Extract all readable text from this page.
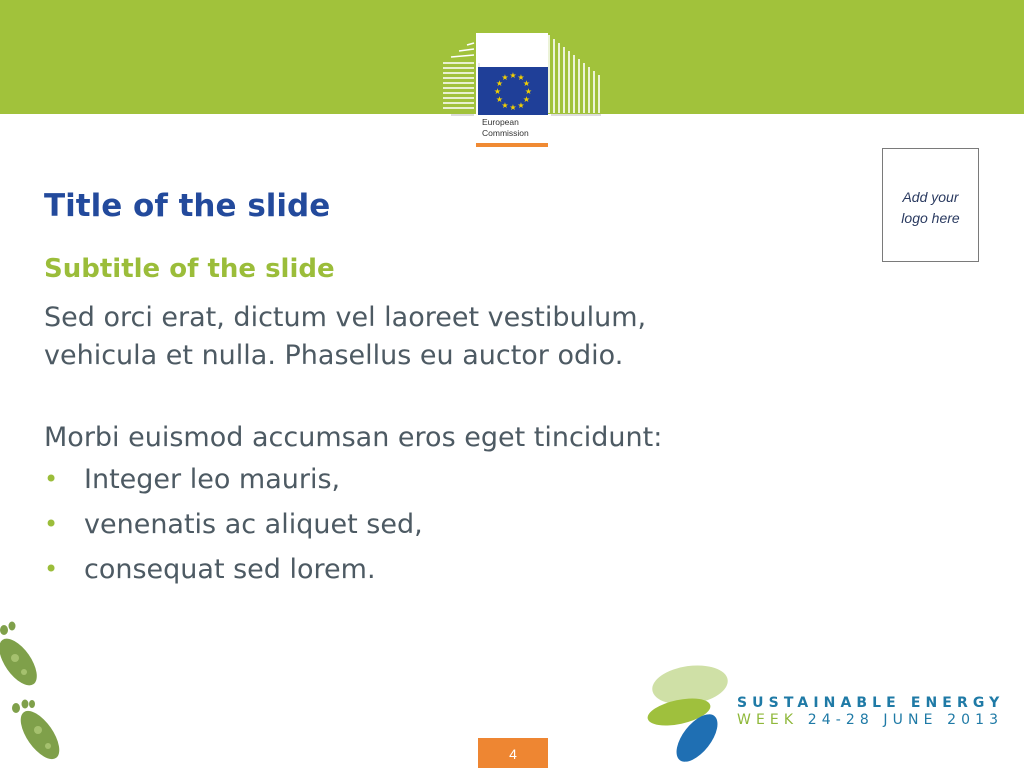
★ ★
★
★
★
★
★
★
★
★
★
★
European
Commission
Add your
logo here
Title of the slide
Subtitle of the slide

Sed orci erat, dictum vel laoreet vestibulum,

vehicula et nulla. Phasellus eu auctor odio.

Morbi euismod accumsan eros eget tincidunt:

• Integer leo mauris,
• venenatis ac aliquet sed,
• consequat sed lorem.
SUSTAINABLE ENERGY
WEEK 24-28 JUNE 2013
4
